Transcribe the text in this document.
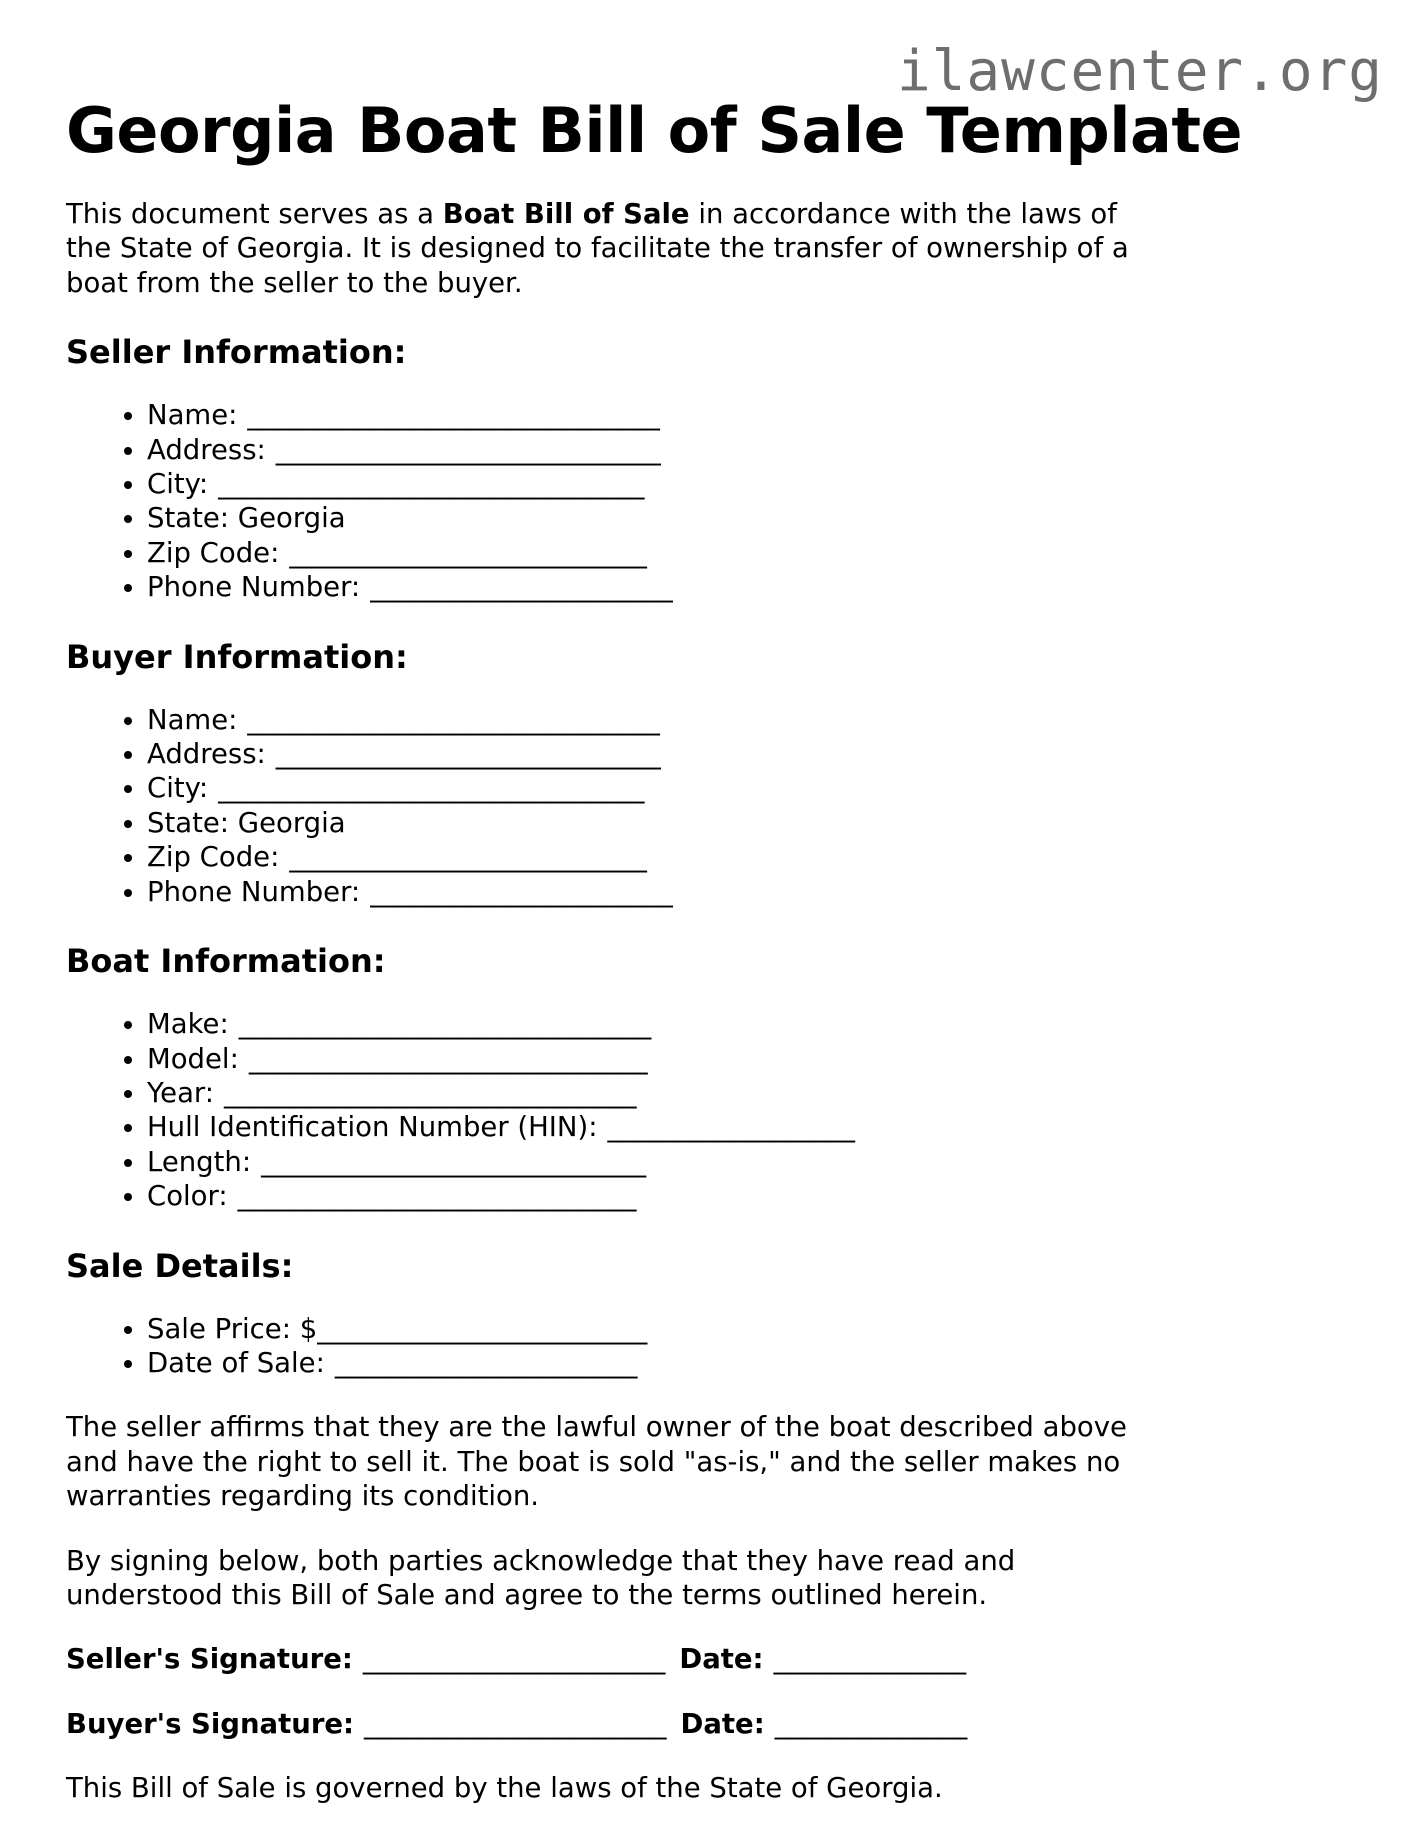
ilawcenter.org
Georgia Boat Bill of Sale Template

This document serves as a Boat Bill of Sale in accordance with the laws of the State of Georgia. It is designed to facilitate the transfer of ownership of a boat from the seller to the buyer.

Seller Information:
• Name: ______________________________
• Address: ____________________________
• City: _______________________________
• State: Georgia
• Zip Code: __________________________
• Phone Number: ______________________
Buyer Information:
• Name: ______________________________
• Address: ____________________________
• City: _______________________________
• State: Georgia
• Zip Code: __________________________
• Phone Number: ______________________
Boat Information:
• Make: ______________________________
• Model: _____________________________
• Year: ______________________________
• Hull Identification Number (HIN): __________________
• Length: ____________________________
• Color: _____________________________
Sale Details:
• Sale Price: $________________________
• Date of Sale: ______________________

The seller affirms that they are the lawful owner of the boat described above and have the right to sell it. The boat is sold "as-is," and the seller makes no warranties regarding its condition.

By signing below, both parties acknowledge that they have read and understood this Bill of Sale and agree to the terms outlined herein.

Seller's Signature: ______________________ Date: ______________

Buyer's Signature: ______________________ Date: ______________

This Bill of Sale is governed by the laws of the State of Georgia.
